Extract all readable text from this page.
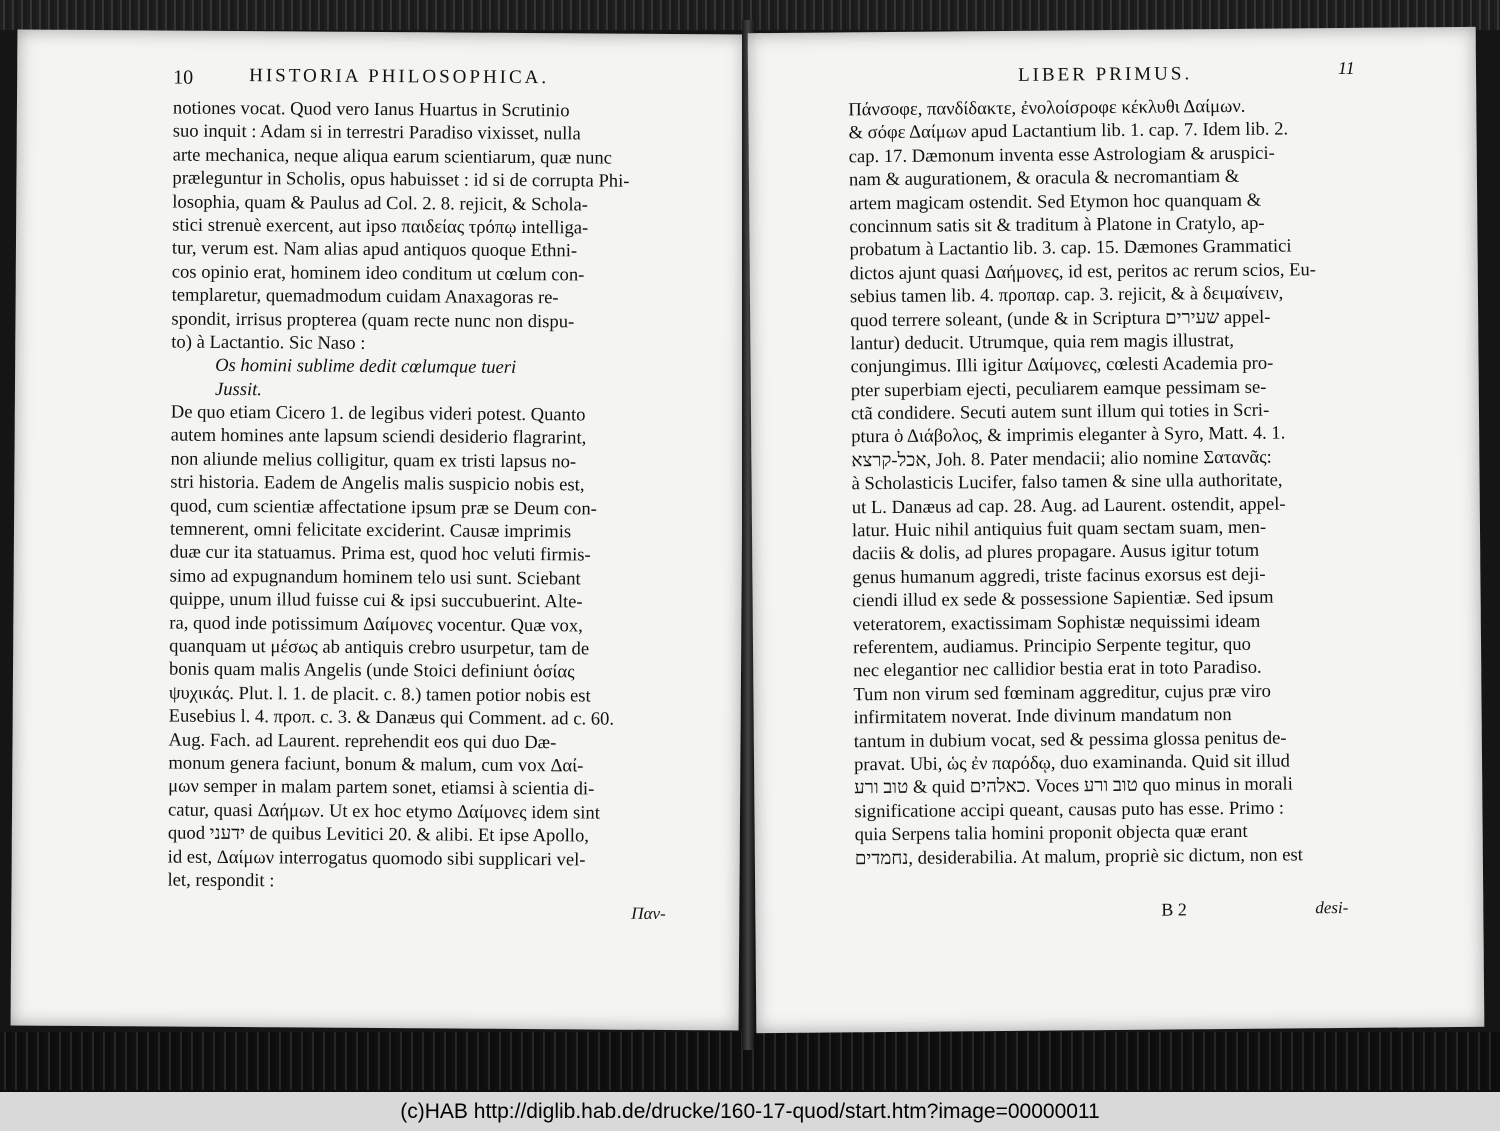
10	HISTORIA PHILOSOPHICA.
notiones vocat. Quod vero Ianus Huartus in Scrutinio
suo inquit : Adam si in terrestri Paradiso vixisset, nulla
arte mechanica, neque aliqua earum scientiarum, quæ nunc
præleguntur in Scholis, opus habuisset : id si de corrupta Phi-
losophia, quam & Paulus ad Col. 2. 8. rejicit, & Schola-
stici strenuè exercent, aut ipso παιδείας τρόπῳ intelliga-
tur, verum est. Nam alias apud antiquos quoque Ethni-
cos opinio erat, hominem ideo conditum ut cœlum con-
templaretur, quemadmodum cuidam Anaxagoras re-
spondit, irrisus propterea (quam recte nunc non dispu-
to) à Lactantio. Sic Naso :
Os homini sublime dedit cœlumque tueri
Jussit.
De quo etiam Cicero 1. de legibus videri potest. Quanto
autem homines ante lapsum sciendi desiderio flagrarint,
non aliunde melius colligitur, quam ex tristi lapsus no-
stri historia. Eadem de Angelis malis suspicio nobis est,
quod, cum scientiæ affectatione ipsum præ se Deum con-
temnerent, omni felicitate exciderint. Causæ imprimis
duæ cur ita statuamus. Prima est, quod hoc veluti firmis-
simo ad expugnandum hominem telo usi sunt. Sciebant
quippe, unum illud fuisse cui & ipsi succubuerint. Alte-
ra, quod inde potissimum Δαίμονες vocentur. Quæ vox,
quanquam ut μέσως ab antiquis crebro usurpetur, tam de
bonis quam malis Angelis (unde Stoici definiunt ὁσίας
ψυχικάς. Plut. l. 1. de placit. c. 8.) tamen potior nobis est
Eusebius l. 4. προπ. c. 3. & Danæus qui Comment. ad c. 60.
Aug. Fach. ad Laurent. reprehendit eos qui duo Dæ-
monum genera faciunt, bonum & malum, cum vox Δαί-
μων semper in malam partem sonet, etiamsi à scientia di-
catur, quasi Δαήμων. Ut ex hoc etymo Δαίμονες idem sint
quod ידעני de quibus Levitici 20. & alibi. Et ipse Apollo,
id est, Δαίμων interrogatus quomodo sibi supplicari vel-
let, respondit :
Παν-
LIBER PRIMUS.	11
Πάνσοφε, πανδίδακτε, ἐνολοίσροφε κέκλυθι Δαίμων.
& σόφε Δαίμων apud Lactantium lib. 1. cap. 7. Idem lib. 2.
cap. 17. Dæmonum inventa esse Astrologiam & aruspici-
nam & augurationem, & oracula & necromantiam &
artem magicam ostendit. Sed Etymon hoc quanquam &
concinnum satis sit & traditum à Platone in Cratylo, ap-
probatum à Lactantio lib. 3. cap. 15. Dæmones Grammatici
dictos ajunt quasi Δαήμονες, id est, peritos ac rerum scios, Eu-
sebius tamen lib. 4. προπαρ. cap. 3. rejicit, & à δειμαίνειν,
quod terrere soleant, (unde & in Scriptura שעירים appel-
lantur) deducit. Utrumque, quia rem magis illustrat,
conjungimus. Illi igitur Δαίμονες, cœlesti Academia pro-
pter superbiam ejecti, peculiarem eamque pessimam se-
ctã condidere. Secuti autem sunt illum qui toties in Scri-
ptura ὁ Διάβολος, & imprimis eleganter à Syro, Matt. 4. 1.
אכל-קרצא, Joh. 8. Pater mendacii; alio nomine Σατανᾶς:
à Scholasticis Lucifer, falso tamen & sine ulla authoritate,
ut L. Danæus ad cap. 28. Aug. ad Laurent. ostendit, appel-
latur. Huic nihil antiquius fuit quam sectam suam, men-
daciis & dolis, ad plures propagare. Ausus igitur totum
genus humanum aggredi, triste facinus exorsus est deji-
ciendi illud ex sede & possessione Sapientiæ. Sed ipsum
veteratorem, exactissimam Sophistæ nequissimi ideam
referentem, audiamus. Principio Serpente tegitur, quo
nec elegantior nec callidior bestia erat in toto Paradiso.
Tum non virum sed fœminam aggreditur, cujus præ viro
infirmitatem noverat. Inde divinum mandatum non
tantum in dubium vocat, sed & pessima glossa penitus de-
pravat. Ubi, ὡς ἐν παρόδῳ, duo examinanda. Quid sit illud
טוב ורע & quid כאלהים. Voces טוב ורע quo minus in morali
significatione accipi queant, causas puto has esse. Primo :
quia Serpens talia homini proponit objecta quæ erant
נחמדים, desiderabilia. At malum, propriè sic dictum, non est
B 2	desi-
(c)HAB http://diglib.hab.de/drucke/160-17-quod/start.htm?image=00000011
